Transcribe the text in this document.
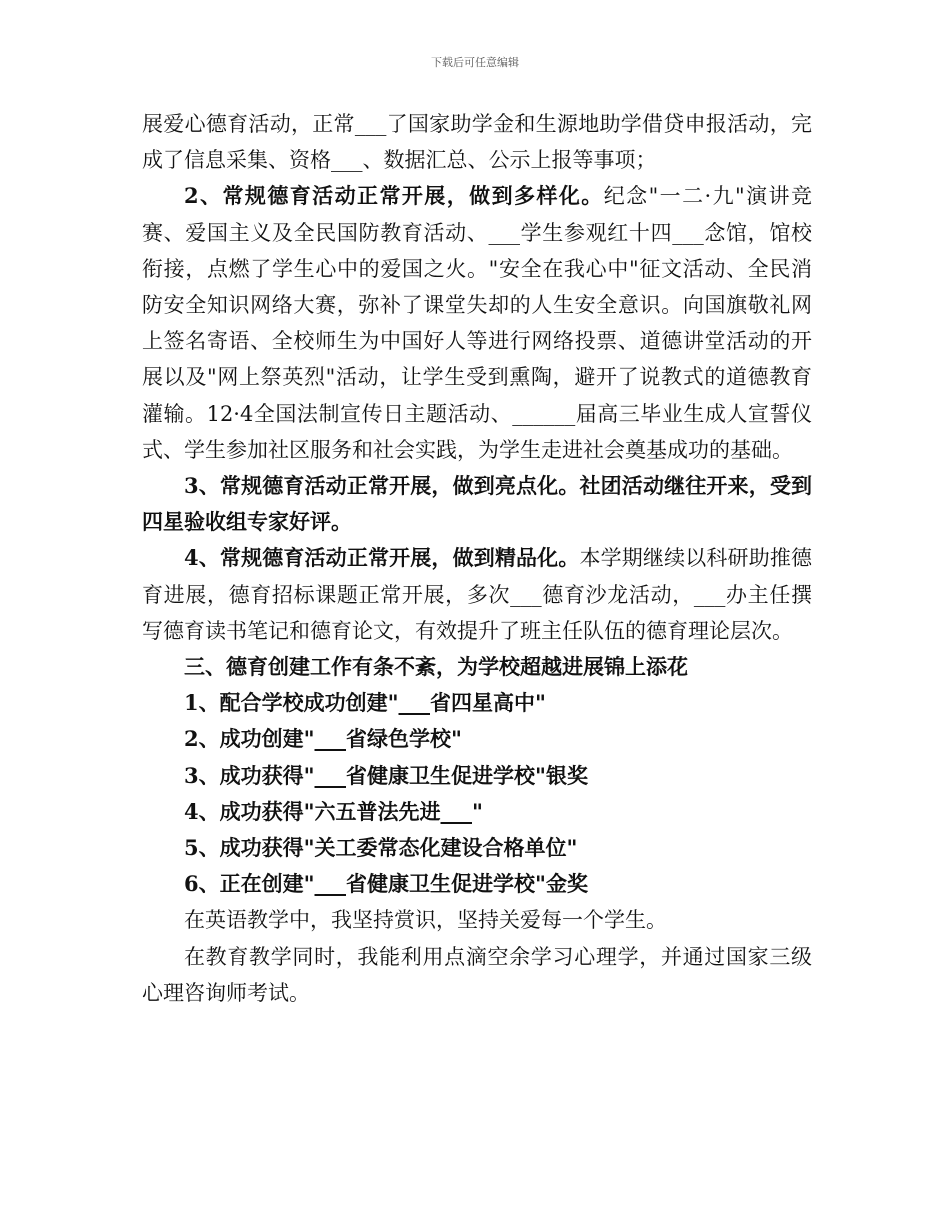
下载后可任意编辑

展爱心德育活动，正常___了国家助学金和生源地助学借贷申报活动，完成了信息采集、资格___、数据汇总、公示上报等事项；

2、常规德育活动正常开展，做到多样化。纪念"一二·九"演讲竞赛、爱国主义及全民国防教育活动、___学生参观红十四___念馆，馆校衔接，点燃了学生心中的爱国之火。"安全在我心中"征文活动、全民消防安全知识网络大赛，弥补了课堂失却的人生安全意识。向国旗敬礼网上签名寄语、全校师生为中国好人等进行网络投票、道德讲堂活动的开展以及"网上祭英烈"活动，让学生受到熏陶，避开了说教式的道德教育灌输。12·4全国法制宣传日主题活动、______届高三毕业生成人宣誓仪式、学生参加社区服务和社会实践，为学生走进社会奠基成功的基础。

3、常规德育活动正常开展，做到亮点化。社团活动继往开来，受到四星验收组专家好评。

4、常规德育活动正常开展，做到精品化。本学期继续以科研助推德育进展，德育招标课题正常开展，多次___德育沙龙活动，___办主任撰写德育读书笔记和德育论文，有效提升了班主任队伍的德育理论层次。

三、德育创建工作有条不紊，为学校超越进展锦上添花

1、配合学校成功创建"___省四星高中"

2、成功创建"___省绿色学校"

3、成功获得"___省健康卫生促进学校"银奖

4、成功获得"六五普法先进___"

5、成功获得"关工委常态化建设合格单位"

6、正在创建"___省健康卫生促进学校"金奖

在英语教学中，我坚持赏识，坚持关爱每一个学生。

在教育教学同时，我能利用点滴空余学习心理学，并通过国家三级心理咨询师考试。
